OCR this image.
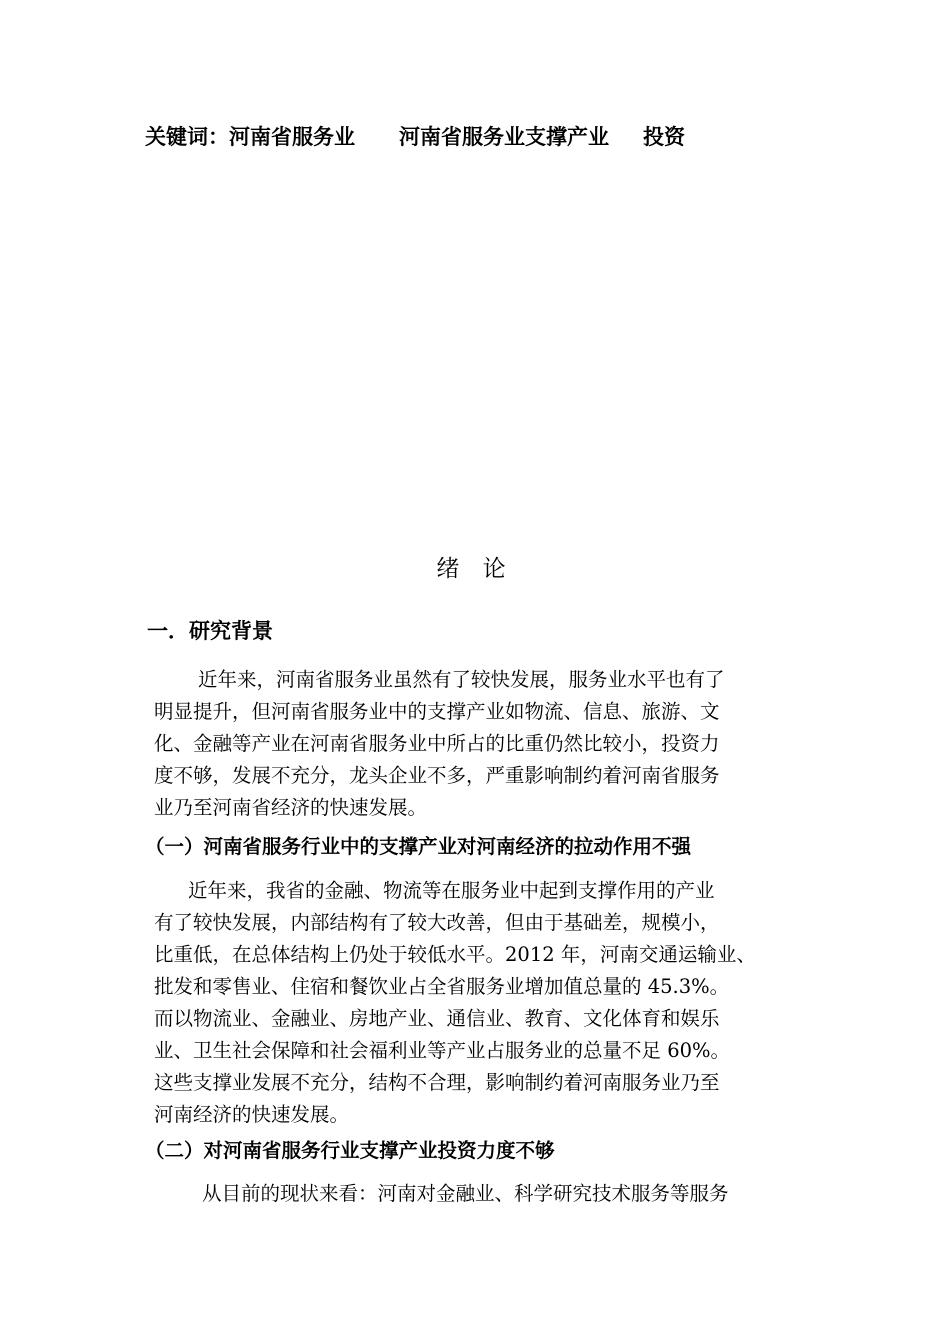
关键词：河南省服务业 河南省服务业支撑产业 投资
绪 论
一．研究背景
近年来，河南省服务业虽然有了较快发展，服务业水平也有了
明显提升，但河南省服务业中的支撑产业如物流、信息、旅游、文
化、金融等产业在河南省服务业中所占的比重仍然比较小，投资力
度不够，发展不充分，龙头企业不多，严重影响制约着河南省服务
业乃至河南省经济的快速发展。
（一）河南省服务行业中的支撑产业对河南经济的拉动作用不强
近年来，我省的金融、物流等在服务业中起到支撑作用的产业
有了较快发展，内部结构有了较大改善，但由于基础差，规模小，
比重低，在总体结构上仍处于较低水平。2012 年，河南交通运输业、
批发和零售业、住宿和餐饮业占全省服务业增加值总量的 45.3%。
而以物流业、金融业、房地产业、通信业、教育、文化体育和娱乐
业、卫生社会保障和社会福利业等产业占服务业的总量不足 60%。
这些支撑业发展不充分，结构不合理，影响制约着河南服务业乃至
河南经济的快速发展。
（二）对河南省服务行业支撑产业投资力度不够
从目前的现状来看：河南对金融业、科学研究技术服务等服务
